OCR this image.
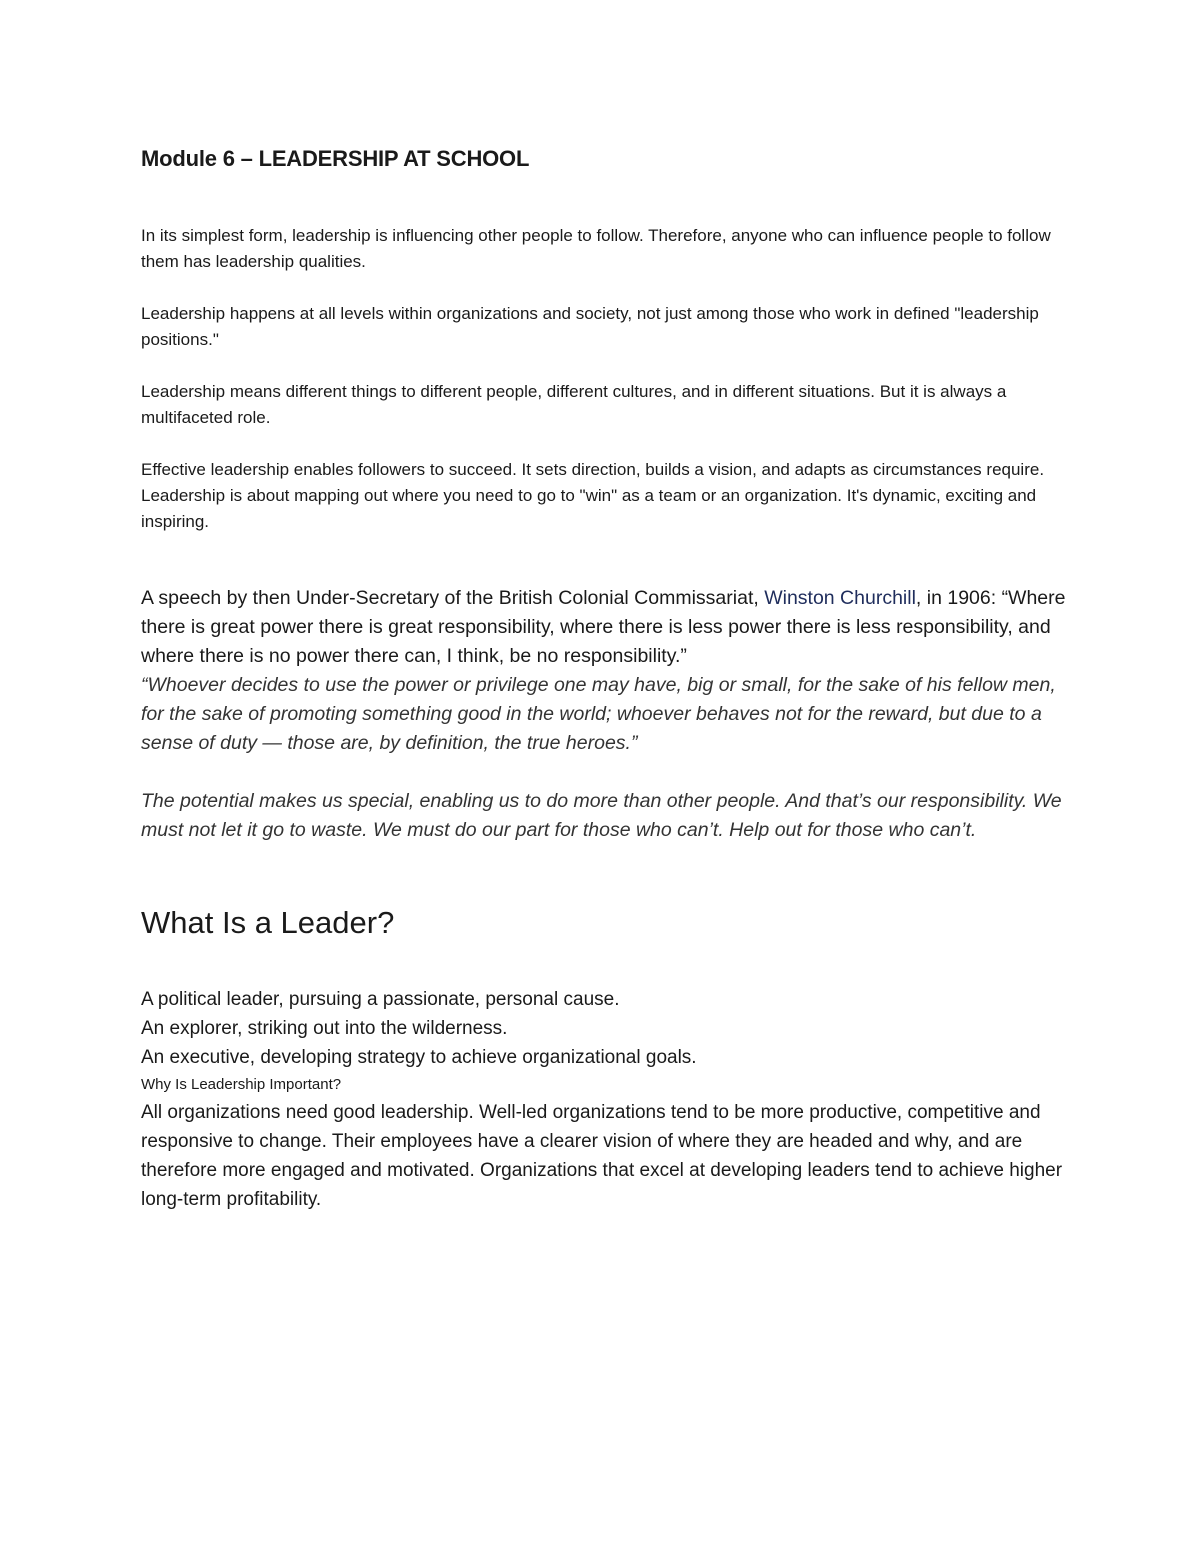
Module 6 – LEADERSHIP AT SCHOOL

In its simplest form, leadership is influencing other people to follow. Therefore, anyone who can influence people to follow them has leadership qualities.

Leadership happens at all levels within organizations and society, not just among those who work in defined "leadership positions."

Leadership means different things to different people, different cultures, and in different situations. But it is always a multifaceted role.

Effective leadership enables followers to succeed. It sets direction, builds a vision, and adapts as circumstances require. Leadership is about mapping out where you need to go to "win" as a team or an organization. It's dynamic, exciting and inspiring.

A speech by then Under-Secretary of the British Colonial Commissariat, Winston Churchill, in 1906: “Where there is great power there is great responsibility, where there is less power there is less responsibility, and where there is no power there can, I think, be no responsibility.”

“Whoever decides to use the power or privilege one may have, big or small, for the sake of his fellow men, for the sake of promoting something good in the world; whoever behaves not for the reward, but due to a sense of duty — those are, by definition, the true heroes.”

The potential makes us special, enabling us to do more than other people. And that’s our responsibility. We must not let it go to waste. We must do our part for those who can’t. Help out for those who can’t.

What Is a Leader?

A political leader, pursuing a passionate, personal cause.

An explorer, striking out into the wilderness.

An executive, developing strategy to achieve organizational goals.

Why Is Leadership Important?

All organizations need good leadership. Well-led organizations tend to be more productive, competitive and responsive to change. Their employees have a clearer vision of where they are headed and why, and are therefore more engaged and motivated. Organizations that excel at developing leaders tend to achieve higher long-term profitability.
